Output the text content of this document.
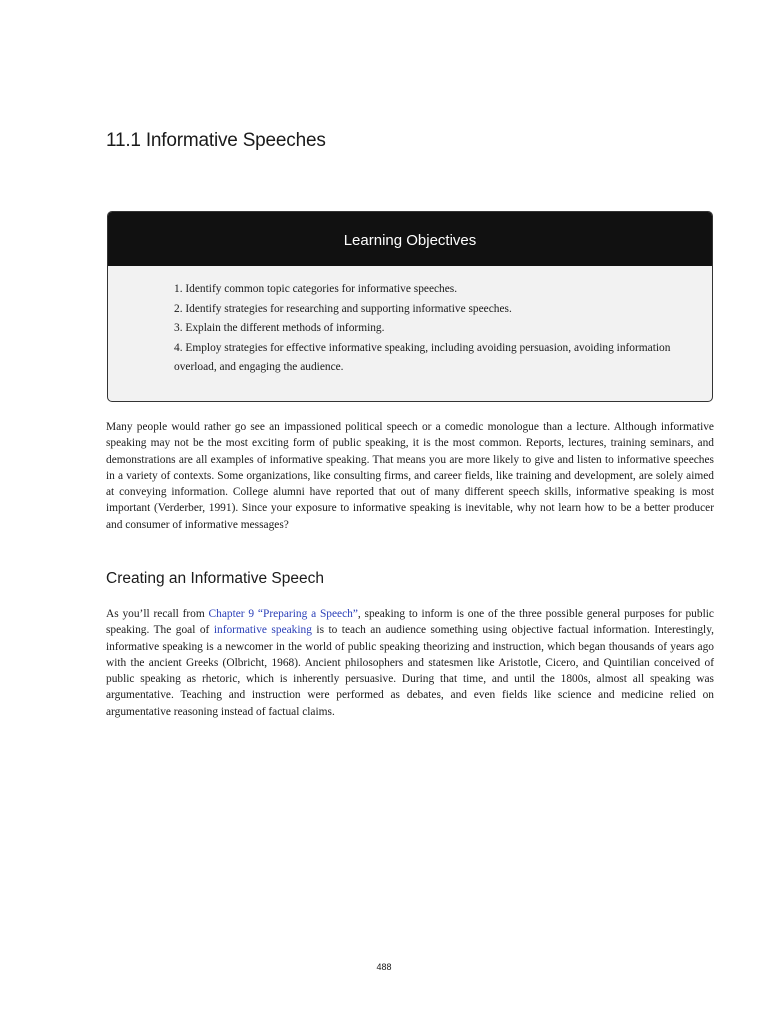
11.1 Informative Speeches
Learning Objectives
1. Identify common topic categories for informative speeches.
2. Identify strategies for researching and supporting informative speeches.
3. Explain the different methods of informing.
4. Employ strategies for effective informative speaking, including avoiding persuasion, avoiding information overload, and engaging the audience.

Many people would rather go see an impassioned political speech or a comedic monologue than a lecture. Although informative speaking may not be the most exciting form of public speaking, it is the most common. Reports, lectures, training seminars, and demonstrations are all examples of informative speaking. That means you are more likely to give and listen to informative speeches in a variety of contexts. Some organizations, like consulting firms, and career fields, like training and development, are solely aimed at conveying information. College alumni have reported that out of many different speech skills, informative speaking is most important (Verderber, 1991). Since your exposure to informative speaking is inevitable, why not learn how to be a better producer and consumer of informative messages?

Creating an Informative Speech

As you’ll recall from Chapter 9 “Preparing a Speech”, speaking to inform is one of the three possible general purposes for public speaking. The goal of informative speaking is to teach an audience something using objective factual information. Interestingly, informative speaking is a newcomer in the world of public speaking theorizing and instruction, which began thousands of years ago with the ancient Greeks (Olbricht, 1968). Ancient philosophers and statesmen like Aristotle, Cicero, and Quintilian conceived of public speaking as rhetoric, which is inherently persuasive. During that time, and until the 1800s, almost all speaking was argumentative. Teaching and instruction were performed as debates, and even fields like science and medicine relied on argumentative reasoning instead of factual claims.

488
